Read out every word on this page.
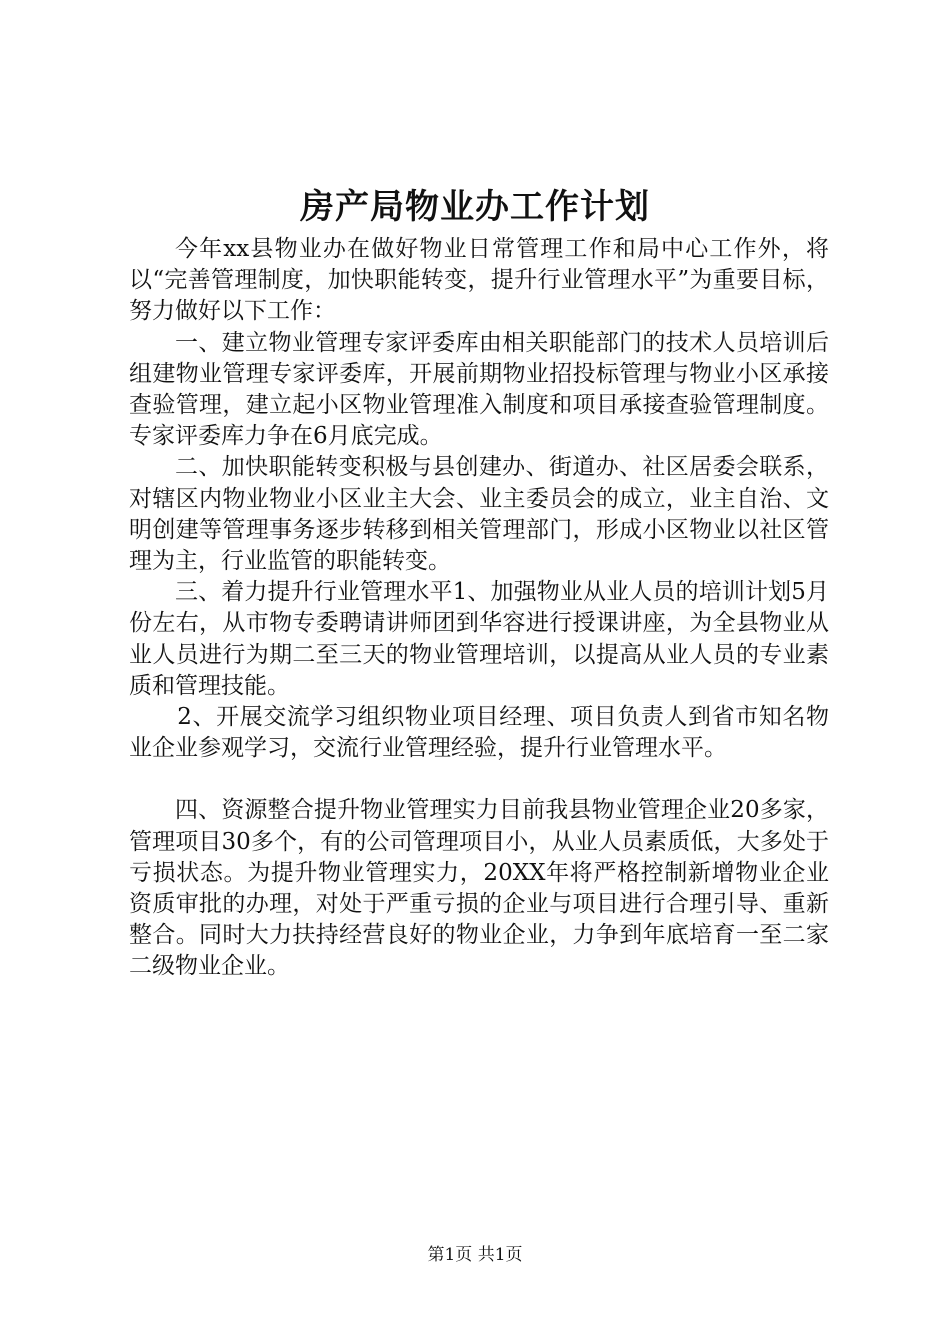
房产局物业办工作计划

今年xx县物业办在做好物业日常管理工作和局中心工作外，将以“完善管理制度，加快职能转变，提升行业管理水平”为重要目标，努力做好以下工作：

一、建立物业管理专家评委库由相关职能部门的技术人员培训后组建物业管理专家评委库，开展前期物业招投标管理与物业小区承接查验管理，建立起小区物业管理准入制度和项目承接查验管理制度。专家评委库力争在6月底完成。

二、加快职能转变积极与县创建办、街道办、社区居委会联系，对辖区内物业物业小区业主大会、业主委员会的成立，业主自治、文明创建等管理事务逐步转移到相关管理部门，形成小区物业以社区管理为主，行业监管的职能转变。

三、着力提升行业管理水平1、加强物业从业人员的培训计划5月份左右，从市物专委聘请讲师团到华容进行授课讲座，为全县物业从业人员进行为期二至三天的物业管理培训，以提高从业人员的专业素质和管理技能。

2、开展交流学习组织物业项目经理、项目负责人到省市知名物业企业参观学习，交流行业管理经验，提升行业管理水平。

四、资源整合提升物业管理实力目前我县物业管理企业20多家，管理项目30多个，有的公司管理项目小，从业人员素质低，大多处于亏损状态。为提升物业管理实力，20XX年将严格控制新增物业企业资质审批的办理，对处于严重亏损的企业与项目进行合理引导、重新整合。同时大力扶持经营良好的物业企业，力争到年底培育一至二家二级物业企业。

第1页 共1页
